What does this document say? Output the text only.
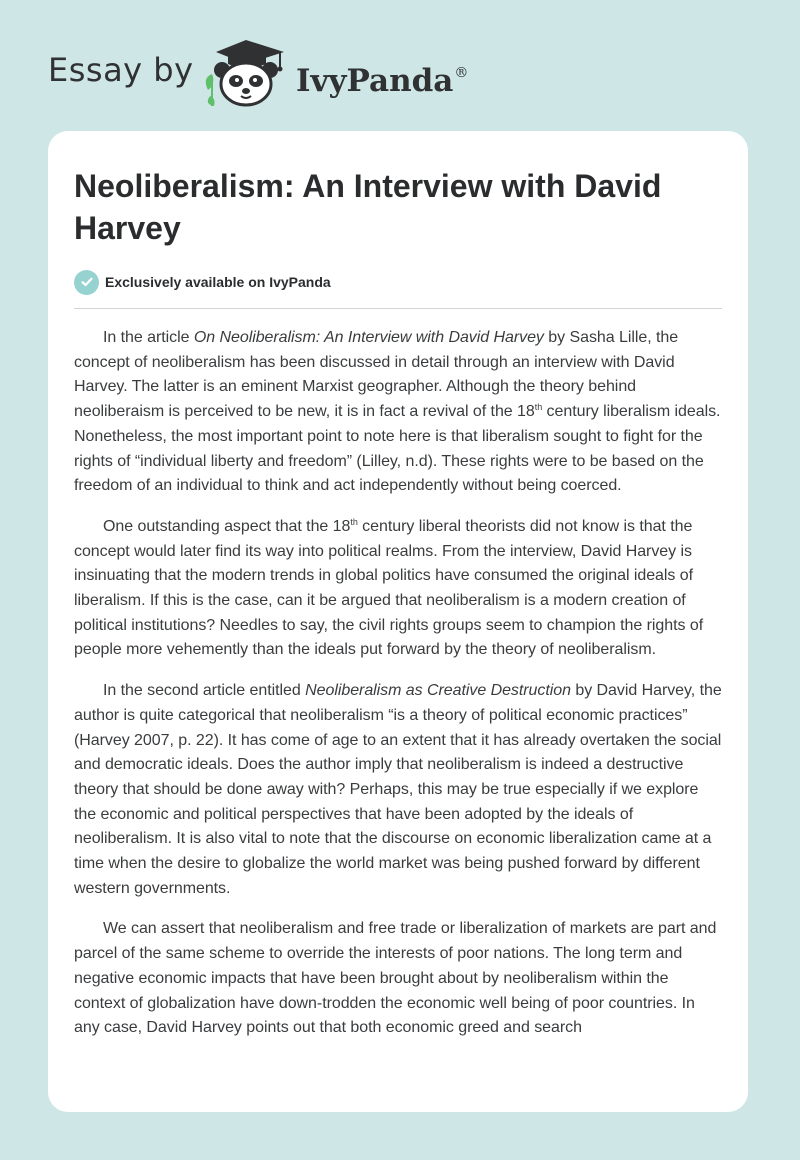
Essay by	IvyPanda®
Neoliberalism: An Interview with David Harvey
Exclusively available on IvyPanda

In the article On Neoliberalism: An Interview with David Harvey by Sasha Lille, the concept of neoliberalism has been discussed in detail through an interview with David Harvey. The latter is an eminent Marxist geographer. Although the theory behind neoliberaism is perceived to be new, it is in fact a revival of the 18th century liberalism ideals. Nonetheless, the most important point to note here is that liberalism sought to fight for the rights of “individual liberty and freedom” (Lilley, n.d). These rights were to be based on the freedom of an individual to think and act independently without being coerced.

One outstanding aspect that the 18th century liberal theorists did not know is that the concept would later find its way into political realms. From the interview, David Harvey is insinuating that the modern trends in global politics have consumed the original ideals of liberalism. If this is the case, can it be argued that neoliberalism is a modern creation of political institutions? Needles to say, the civil rights groups seem to champion the rights of people more vehemently than the ideals put forward by the theory of neoliberalism.

In the second article entitled Neoliberalism as Creative Destruction by David Harvey, the author is quite categorical that neoliberalism “is a theory of political economic practices” (Harvey 2007, p. 22). It has come of age to an extent that it has already overtaken the social and democratic ideals. Does the author imply that neoliberalism is indeed a destructive theory that should be done away with? Perhaps, this may be true especially if we explore the economic and political perspectives that have been adopted by the ideals of neoliberalism. It is also vital to note that the discourse on economic liberalization came at a time when the desire to globalize the world market was being pushed forward by different western governments.

We can assert that neoliberalism and free trade or liberalization of markets are part and parcel of the same scheme to override the interests of poor nations. The long term and negative economic impacts that have been brought about by neoliberalism within the context of globalization have down-trodden the economic well being of poor countries. In any case, David Harvey points out that both economic greed and search
